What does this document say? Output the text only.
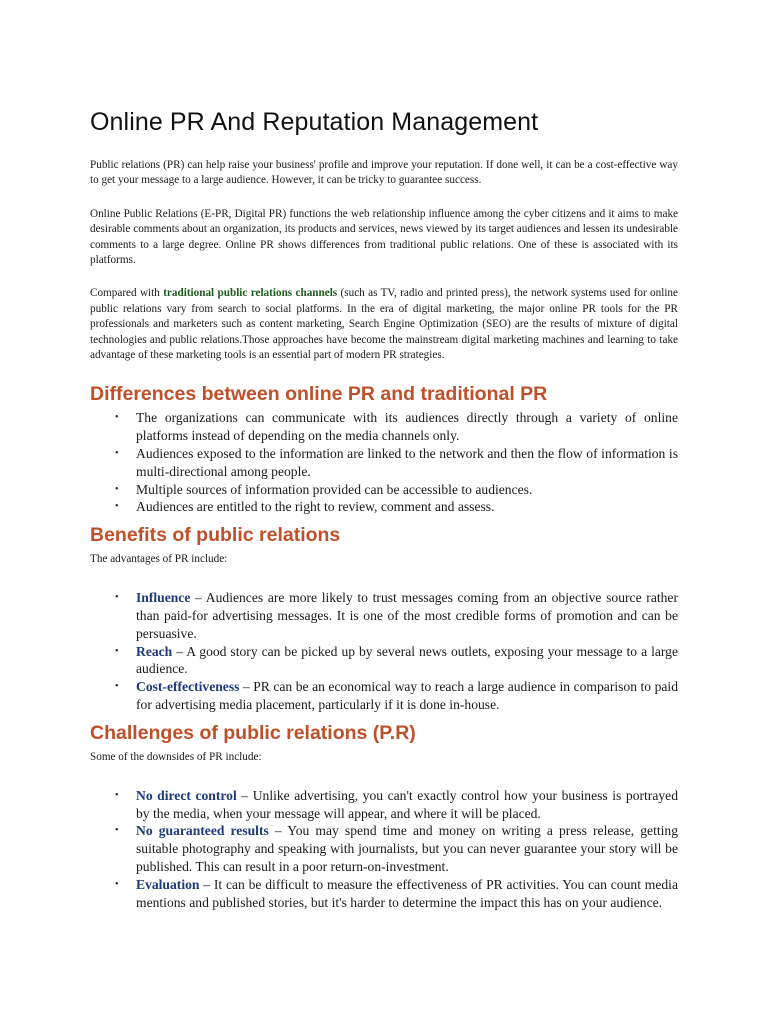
Online PR And Reputation Management

Public relations (PR) can help raise your business' profile and improve your reputation. If done well, it can be a cost-effective way to get your message to a large audience. However, it can be tricky to guarantee success.

Online Public Relations (E-PR, Digital PR) functions the web relationship influence among the cyber citizens and it aims to make desirable comments about an organization, its products and services, news viewed by its target audiences and lessen its undesirable comments to a large degree. Online PR shows differences from traditional public relations. One of these is associated with its platforms.

Compared with traditional public relations channels (such as TV, radio and printed press), the network systems used for online public relations vary from search to social platforms. In the era of digital marketing, the major online PR tools for the PR professionals and marketers such as content marketing, Search Engine Optimization (SEO) are the results of mixture of digital technologies and public relations.Those approaches have become the mainstream digital marketing machines and learning to take advantage of these marketing tools is an essential part of modern PR strategies.

Differences between online PR and traditional PR
• The organizations can communicate with its audiences directly through a variety of online platforms instead of depending on the media channels only.
• Audiences exposed to the information are linked to the network and then the flow of information is multi-directional among people.
• Multiple sources of information provided can be accessible to audiences.
• Audiences are entitled to the right to review, comment and assess.
Benefits of public relations

The advantages of PR include:

• Influence – Audiences are more likely to trust messages coming from an objective source rather than paid-for advertising messages. It is one of the most credible forms of promotion and can be persuasive.
• Reach – A good story can be picked up by several news outlets, exposing your message to a large audience.
• Cost-effectiveness – PR can be an economical way to reach a large audience in comparison to paid for advertising media placement, particularly if it is done in-house.
Challenges of public relations (P.R)

Some of the downsides of PR include:

• No direct control – Unlike advertising, you can't exactly control how your business is portrayed by the media, when your message will appear, and where it will be placed.
• No guaranteed results – You may spend time and money on writing a press release, getting suitable photography and speaking with journalists, but you can never guarantee your story will be published. This can result in a poor return-on-investment.
• Evaluation – It can be difficult to measure the effectiveness of PR activities. You can count media mentions and published stories, but it's harder to determine the impact this has on your audience.
